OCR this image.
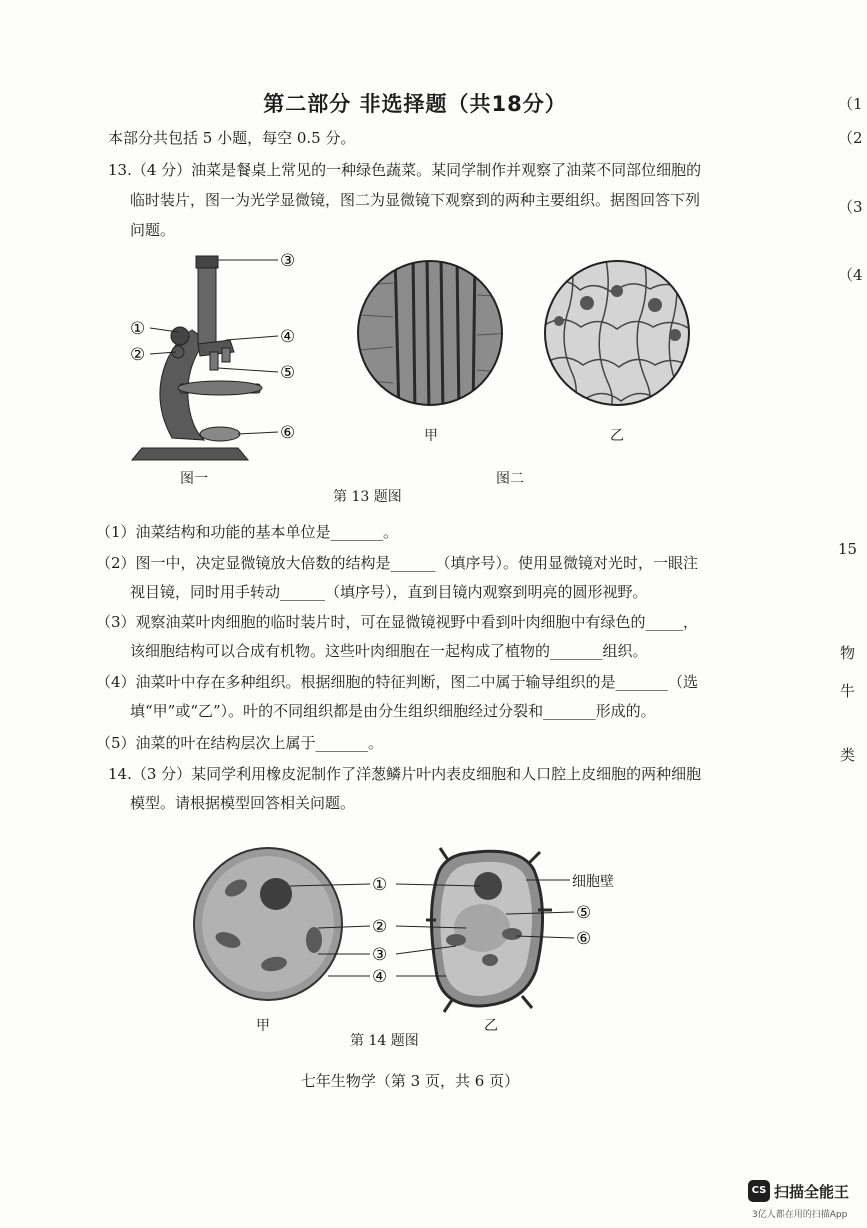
第二部分 非选择题（共18分）
本部分共包括 5 小题，每空 0.5 分。
13.（4 分）油菜是餐桌上常见的一种绿色蔬菜。某同学制作并观察了油菜不同部位细胞的
临时装片，图一为光学显微镜，图二为显微镜下观察到的两种主要组织。据图回答下列
问题。
③
①	④
②
⑤
⑥
图一
甲	乙
图二
第 13 题图
（1）油菜结构和功能的基本单位是_______。
（2）图一中，决定显微镜放大倍数的结构是______（填序号）。使用显微镜对光时，一眼注
视目镜，同时用手转动______（填序号），直到目镜内观察到明亮的圆形视野。
（3）观察油菜叶肉细胞的临时装片时，可在显微镜视野中看到叶肉细胞中有绿色的_____，
该细胞结构可以合成有机物。这些叶肉细胞在一起构成了植物的_______组织。
（4）油菜叶中存在多种组织。根据细胞的特征判断，图二中属于输导组织的是_______（选
填“甲”或“乙”）。叶的不同组织都是由分生组织细胞经过分裂和_______形成的。
（5）油菜的叶在结构层次上属于_______。
14.（3 分）某同学利用橡皮泥制作了洋葱鳞片叶内表皮细胞和人口腔上皮细胞的两种细胞
模型。请根据模型回答相关问题。
①
②
③
④
⑤
⑥
细胞壁
甲	乙
第 14 题图
七年生物学（第 3 页，共 6 页）
（1
（2
（3
（4
15
物
牛
类
CS 扫描全能王
3亿人都在用的扫描App
